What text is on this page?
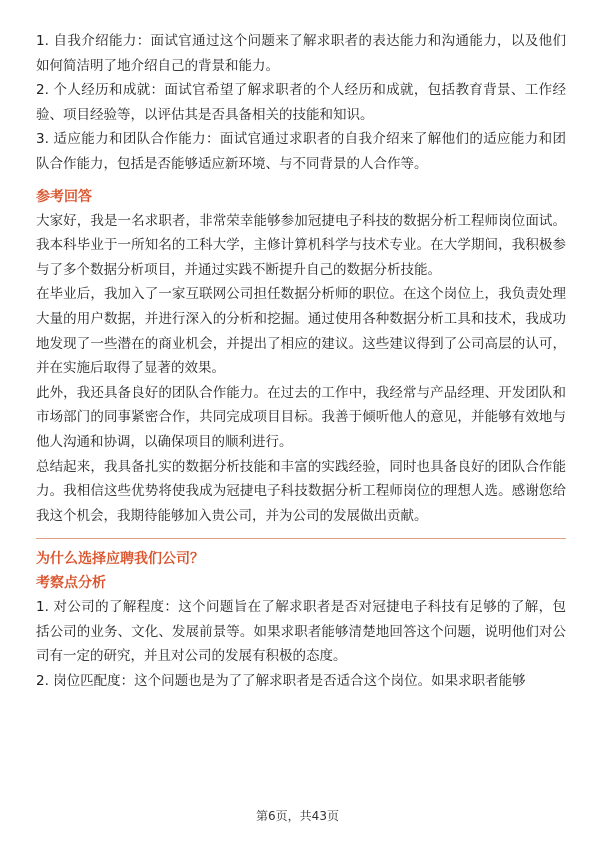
1. 自我介绍能力：面试官通过这个问题来了解求职者的表达能力和沟通能力，以及他们如何简洁明了地介绍自己的背景和能力。

2. 个人经历和成就：面试官希望了解求职者的个人经历和成就，包括教育背景、工作经验、项目经验等，以评估其是否具备相关的技能和知识。

3. 适应能力和团队合作能力：面试官通过求职者的自我介绍来了解他们的适应能力和团队合作能力，包括是否能够适应新环境、与不同背景的人合作等。

参考回答

大家好，我是一名求职者，非常荣幸能够参加冠捷电子科技的数据分析工程师岗位面试。我本科毕业于一所知名的工科大学，主修计算机科学与技术专业。在大学期间，我积极参与了多个数据分析项目，并通过实践不断提升自己的数据分析技能。

在毕业后，我加入了一家互联网公司担任数据分析师的职位。在这个岗位上，我负责处理大量的用户数据，并进行深入的分析和挖掘。通过使用各种数据分析工具和技术，我成功地发现了一些潜在的商业机会，并提出了相应的建议。这些建议得到了公司高层的认可，并在实施后取得了显著的效果。

此外，我还具备良好的团队合作能力。在过去的工作中，我经常与产品经理、开发团队和市场部门的同事紧密合作，共同完成项目目标。我善于倾听他人的意见，并能够有效地与他人沟通和协调，以确保项目的顺利进行。

总结起来，我具备扎实的数据分析技能和丰富的实践经验，同时也具备良好的团队合作能力。我相信这些优势将使我成为冠捷电子科技数据分析工程师岗位的理想人选。感谢您给我这个机会，我期待能够加入贵公司，并为公司的发展做出贡献。

为什么选择应聘我们公司？

考察点分析

1. 对公司的了解程度：这个问题旨在了解求职者是否对冠捷电子科技有足够的了解，包括公司的业务、文化、发展前景等。如果求职者能够清楚地回答这个问题，说明他们对公司有一定的研究，并且对公司的发展有积极的态度。

2. 岗位匹配度：这个问题也是为了了解求职者是否适合这个岗位。如果求职者能够

第6页，共43页
